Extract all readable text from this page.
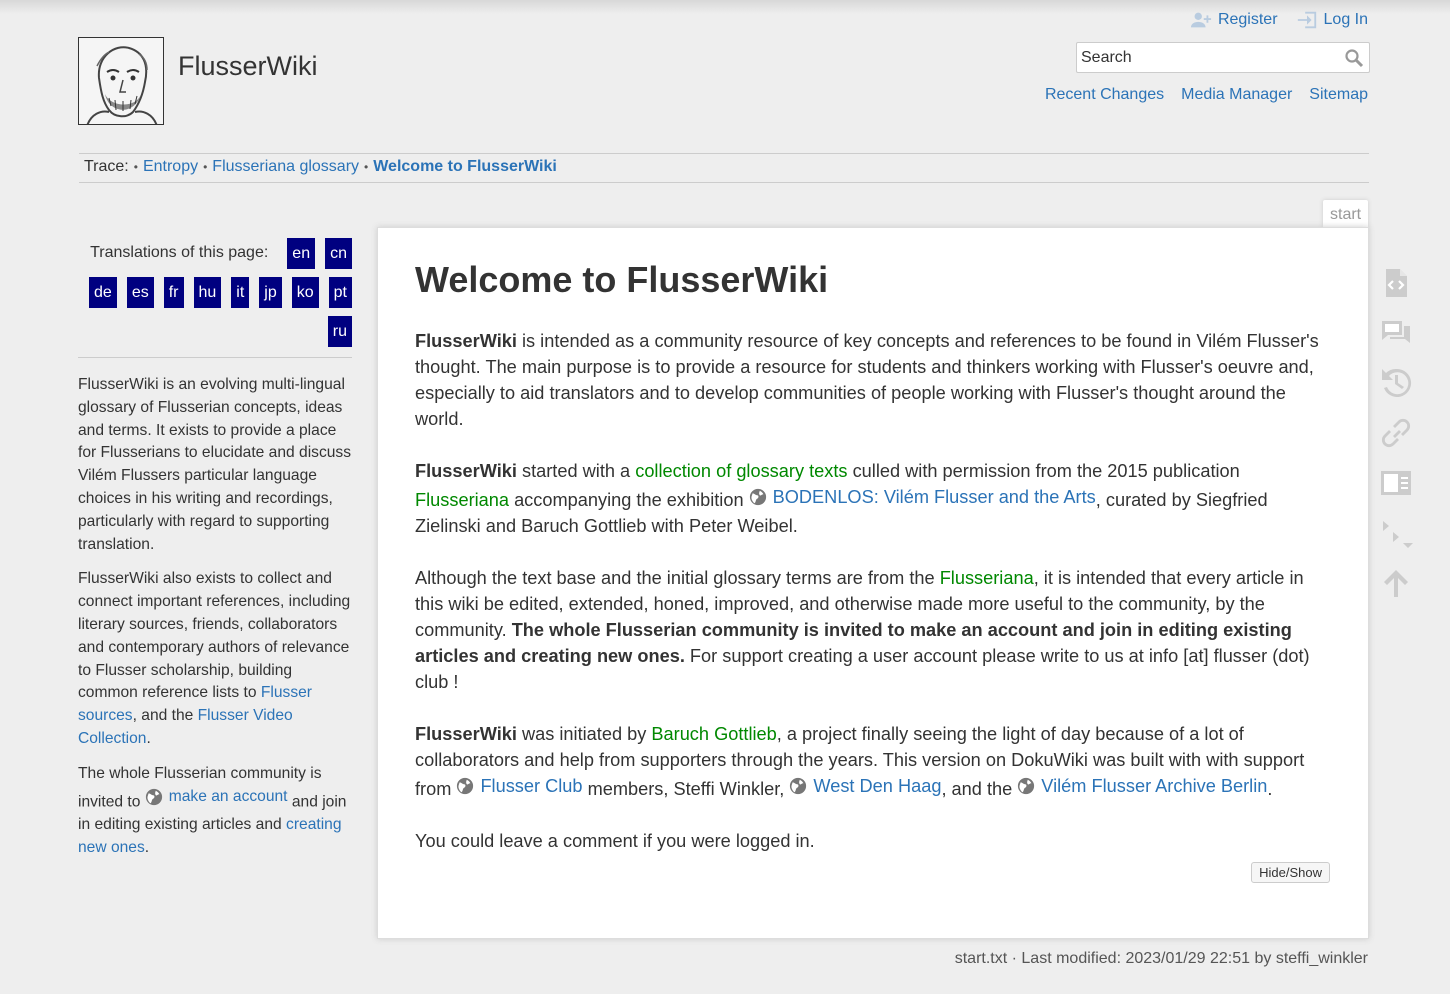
Register	Log In
FlusserWiki
Search
Recent Changes Media Manager Sitemap
Trace: • Entropy • Flusseriana glossary • Welcome to FlusserWiki
Translations of this page:	en	cn
de	es	fr	hu	it	jp	ko	pt
ru

FlusserWiki is an evolving multi-lingual glossary of Flusserian concepts, ideas and terms. It exists to provide a place for Flusserians to elucidate and discuss Vilém Flussers particular language choices in his writing and recordings, particularly with regard to supporting translation.

FlusserWiki also exists to collect and connect important references, including literary sources, friends, collaborators and contemporary authors of relevance to Flusser scholarship, building common reference lists to Flusser sources, and the Flusser Video Collection.

The whole Flusserian community is invited to make an account and join in editing existing articles and creating new ones.

start
Welcome to FlusserWiki

FlusserWiki is intended as a community resource of key concepts and references to be found in Vilém Flusser's thought. The main purpose is to provide a resource for students and thinkers working with Flusser's oeuvre and, especially to aid translators and to develop communities of people working with Flusser's thought around the world.

FlusserWiki started with a collection of glossary texts culled with permission from the 2015 publication Flusseriana accompanying the exhibition BODENLOS: Vilém Flusser and the Arts , curated by Siegfried Zielinski and Baruch Gottlieb with Peter Weibel.

Although the text base and the initial glossary terms are from the Flusseriana, it is intended that every article in this wiki be edited, extended, honed, improved, and otherwise made more useful to the community, by the community. The whole Flusserian community is invited to make an account and join in editing existing articles and creating new ones. For support creating a user account please write to us at info [at] flusser (dot) club !

FlusserWiki was initiated by Baruch Gottlieb, a project finally seeing the light of day because of a lot of collaborators and help from supporters through the years. This version on DokuWiki was built with with support from Flusser Club members, Steffi Winkler, West Den Haag , and the Vilém Flusser Archive Berlin .

You could leave a comment if you were logged in.

Hide/Show
start.txt · Last modified: 2023/01/29 22:51 by steffi_winkler
